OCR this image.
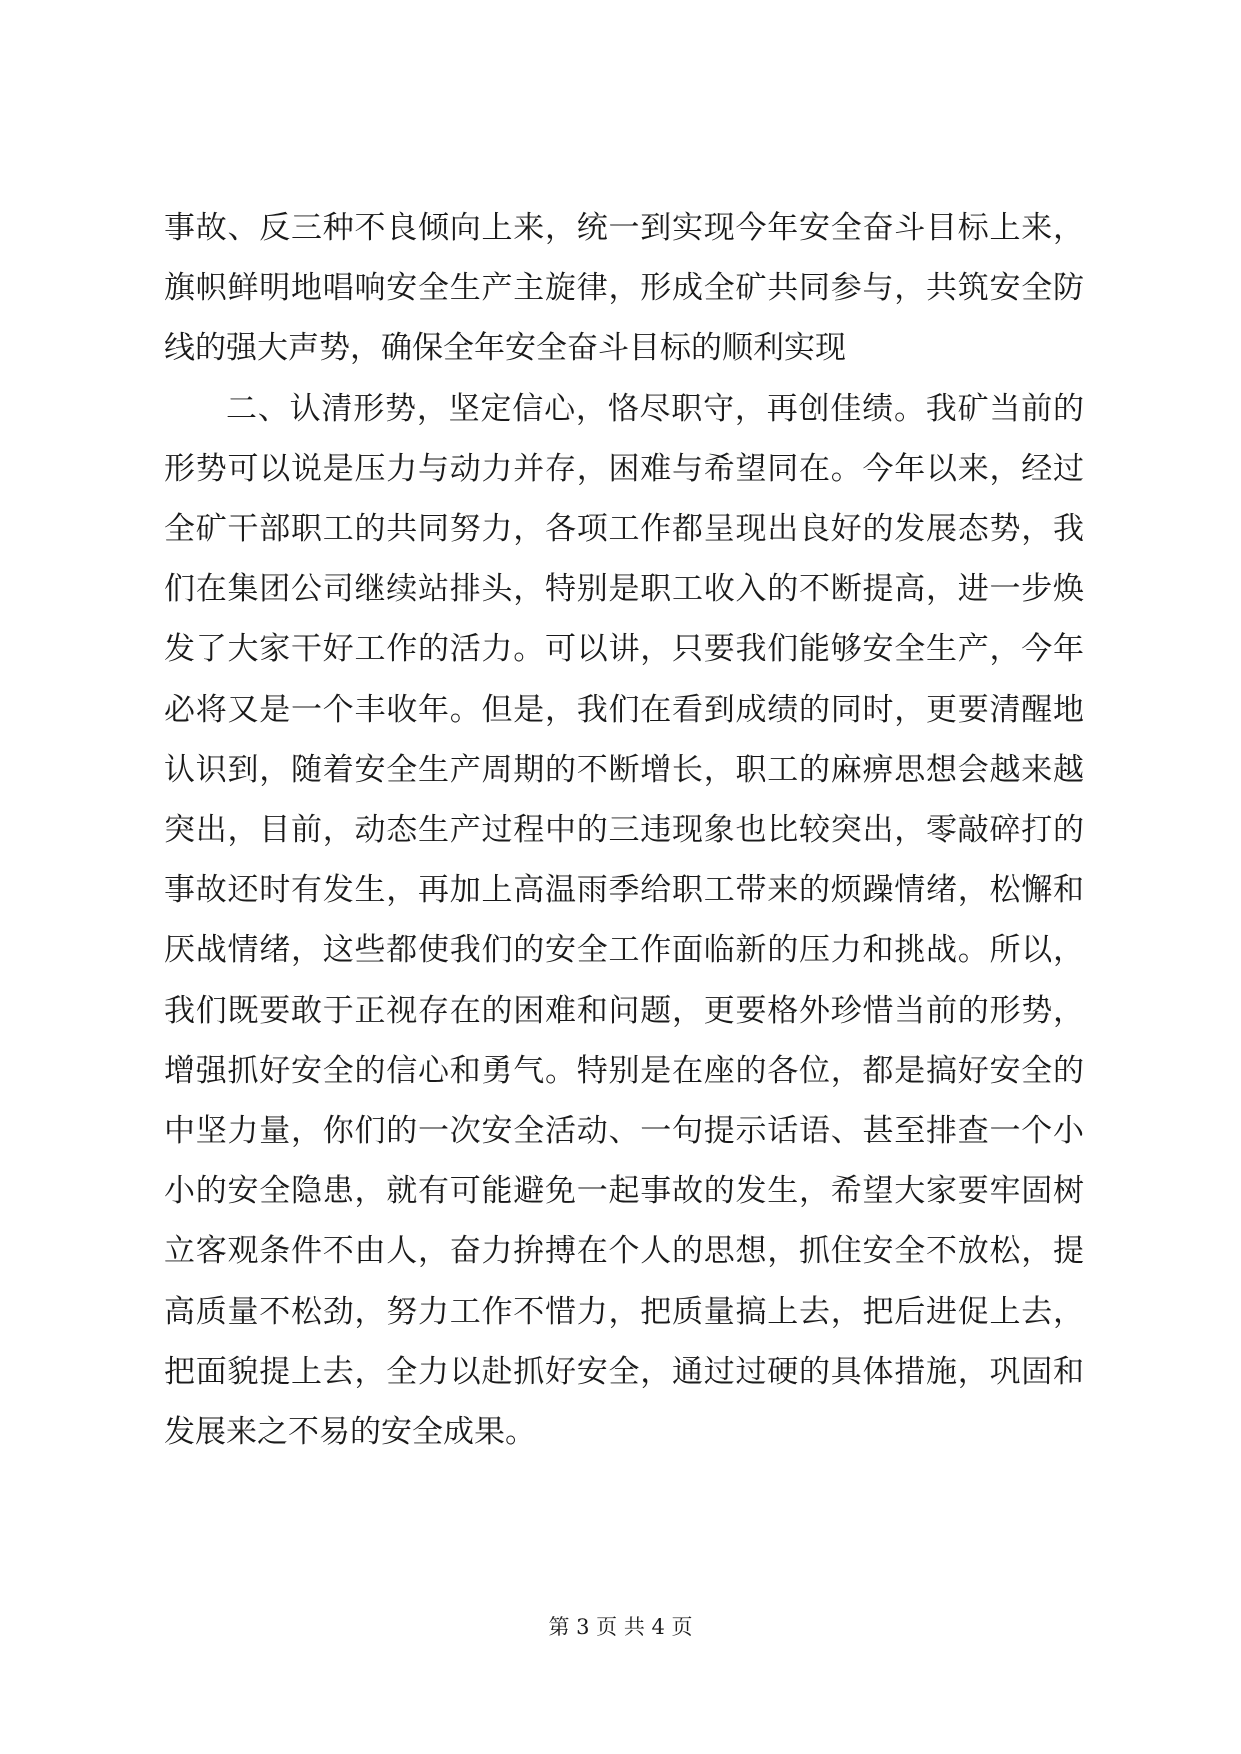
事故、反三种不良倾向上来，统一到实现今年安全奋斗目标上来，旗帜鲜明地唱响安全生产主旋律，形成全矿共同参与，共筑安全防线的强大声势，确保全年安全奋斗目标的顺利实现

二、认清形势，坚定信心，恪尽职守，再创佳绩。我矿当前的形势可以说是压力与动力并存，困难与希望同在。今年以来，经过全矿干部职工的共同努力，各项工作都呈现出良好的发展态势，我们在集团公司继续站排头，特别是职工收入的不断提高，进一步焕发了大家干好工作的活力。可以讲，只要我们能够安全生产，今年必将又是一个丰收年。但是，我们在看到成绩的同时，更要清醒地认识到，随着安全生产周期的不断增长，职工的麻痹思想会越来越突出，目前，动态生产过程中的三违现象也比较突出，零敲碎打的事故还时有发生，再加上高温雨季给职工带来的烦躁情绪，松懈和厌战情绪，这些都使我们的安全工作面临新的压力和挑战。所以，我们既要敢于正视存在的困难和问题，更要格外珍惜当前的形势，增强抓好安全的信心和勇气。特别是在座的各位，都是搞好安全的中坚力量，你们的一次安全活动、一句提示话语、甚至排查一个小小的安全隐患，就有可能避免一起事故的发生，希望大家要牢固树立客观条件不由人，奋力拚搏在个人的思想，抓住安全不放松，提高质量不松劲，努力工作不惜力，把质量搞上去，把后进促上去，把面貌提上去，全力以赴抓好安全，通过过硬的具体措施，巩固和发展来之不易的安全成果。

第 3 页 共 4 页
